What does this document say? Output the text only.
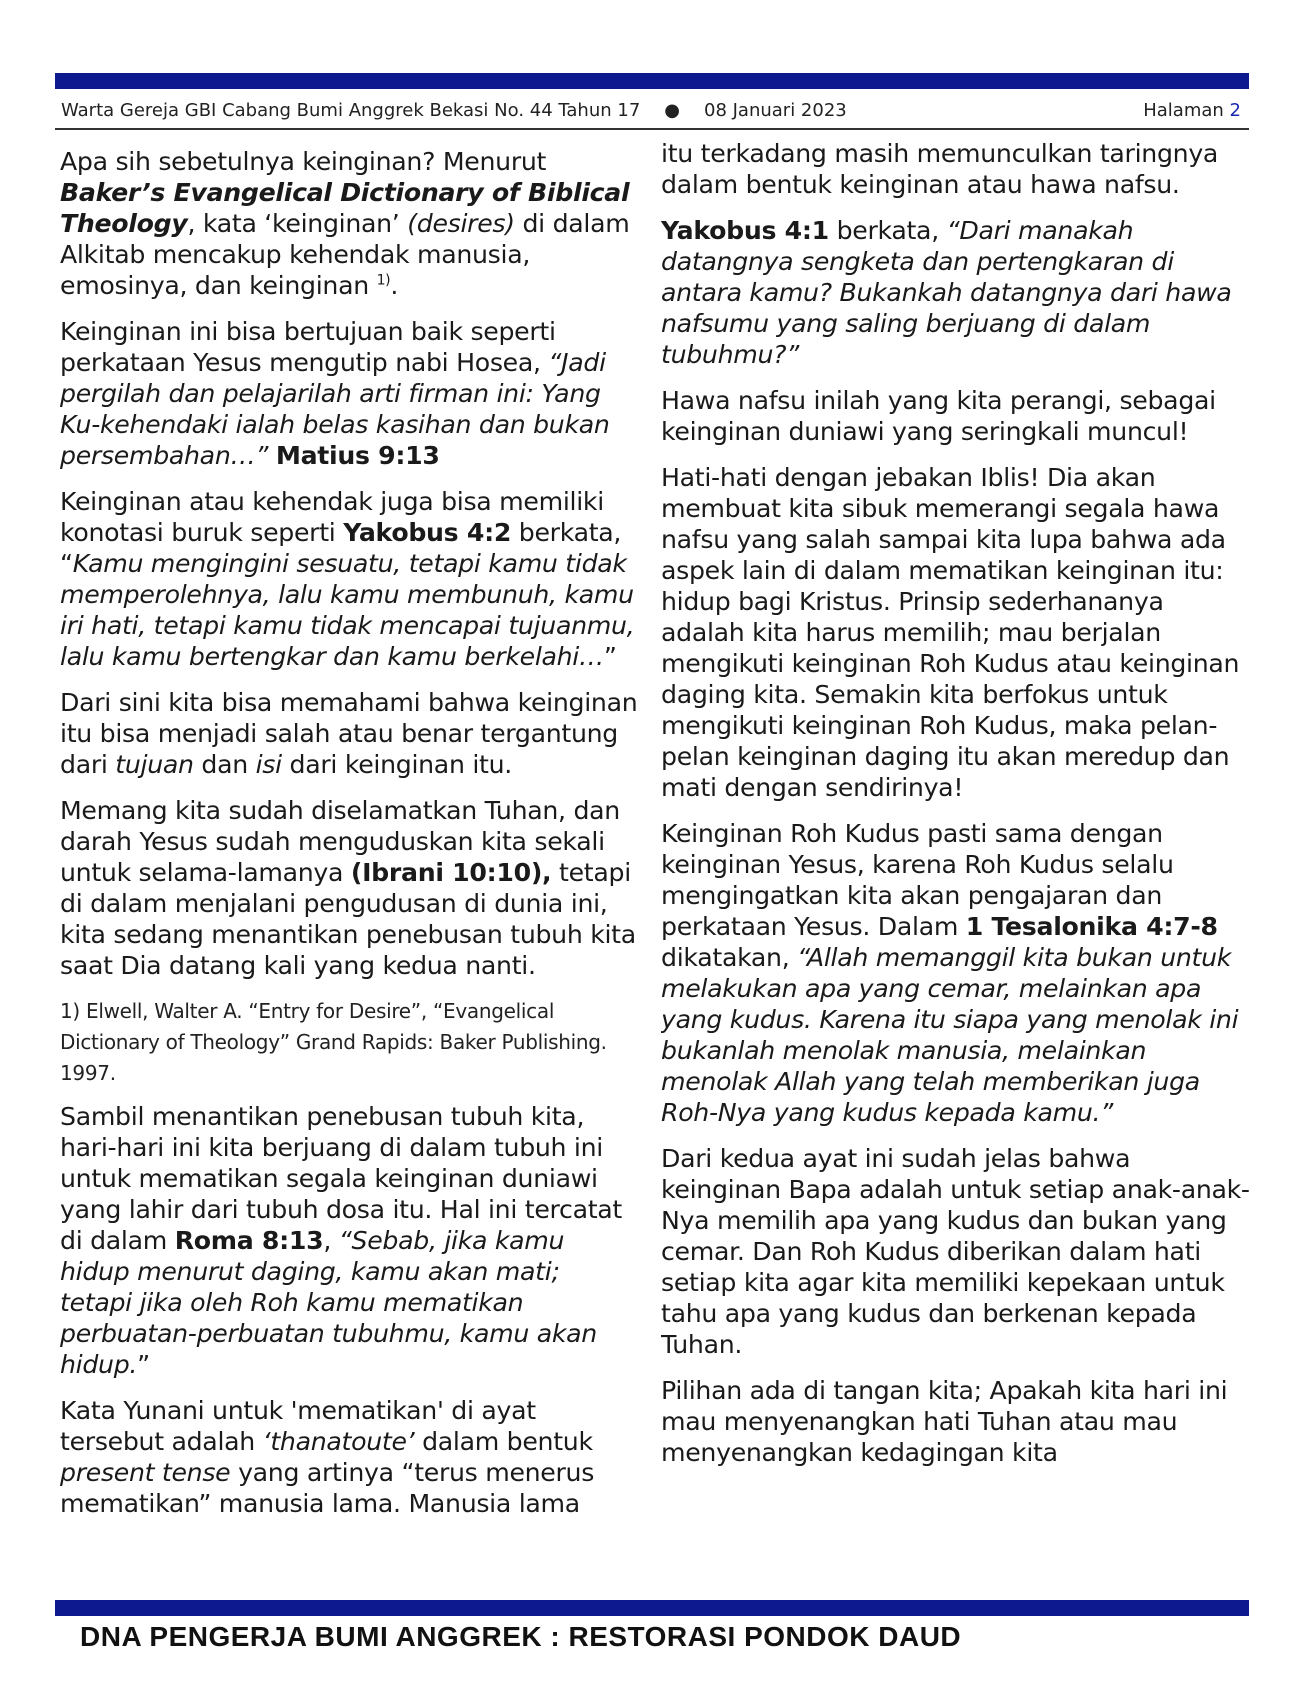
Warta Gereja GBI Cabang Bumi Anggrek Bekasi No. 44 Tahun 17 ● 08 Januari 2023	Halaman 2

Apa sih sebetulnya keinginan? Menurut Baker’s Evangelical Dictionary of Biblical Theology, kata ‘keinginan’ (desires) di dalam Alkitab mencakup kehendak manusia, emosinya, dan keinginan $^{1)}$.

Keinginan ini bisa bertujuan baik seperti perkataan Yesus mengutip nabi Hosea, “Jadi pergilah dan pelajarilah arti firman ini: Yang Ku-kehendaki ialah belas kasihan dan bukan persembahan…” Matius 9:13

Keinginan atau kehendak juga bisa memiliki konotasi buruk seperti Yakobus 4:2 berkata, “Kamu mengingini sesuatu, tetapi kamu tidak memperolehnya, lalu kamu membunuh, kamu iri hati, tetapi kamu tidak mencapai tujuanmu, lalu kamu bertengkar dan kamu berkelahi…”

Dari sini kita bisa memahami bahwa keinginan itu bisa menjadi salah atau benar tergantung dari tujuan dan isi dari keinginan itu.

Memang kita sudah diselamatkan Tuhan, dan darah Yesus sudah menguduskan kita sekali untuk selama-lamanya (Ibrani 10:10), tetapi di dalam menjalani pengudusan di dunia ini, kita sedang menantikan penebusan tubuh kita saat Dia datang kali yang kedua nanti.

1) Elwell, Walter A. “Entry for Desire”, “Evangelical Dictionary of Theology” Grand Rapids: Baker Publishing. 1997.

Sambil menantikan penebusan tubuh kita, hari-hari ini kita berjuang di dalam tubuh ini untuk mematikan segala keinginan duniawi yang lahir dari tubuh dosa itu. Hal ini tercatat di dalam Roma 8:13, “Sebab, jika kamu hidup menurut daging, kamu akan mati; tetapi jika oleh Roh kamu mematikan perbuatan-perbuatan tubuhmu, kamu akan hidup.”

Kata Yunani untuk 'mematikan' di ayat tersebut adalah ‘thanatoute’ dalam bentuk present tense yang artinya “terus menerus mematikan” manusia lama. Manusia lama

itu terkadang masih memunculkan taringnya dalam bentuk keinginan atau hawa nafsu.

Yakobus 4:1 berkata, “Dari manakah datangnya sengketa dan pertengkaran di antara kamu? Bukankah datangnya dari hawa nafsumu yang saling berjuang di dalam tubuhmu?”

Hawa nafsu inilah yang kita perangi, sebagai keinginan duniawi yang seringkali muncul!

Hati-hati dengan jebakan Iblis! Dia akan membuat kita sibuk memerangi segala hawa nafsu yang salah sampai kita lupa bahwa ada aspek lain di dalam mematikan keinginan itu: hidup bagi Kristus. Prinsip sederhananya adalah kita harus memilih; mau berjalan mengikuti keinginan Roh Kudus atau keinginan daging kita. Semakin kita berfokus untuk mengikuti keinginan Roh Kudus, maka pelan-pelan keinginan daging itu akan meredup dan mati dengan sendirinya!

Keinginan Roh Kudus pasti sama dengan keinginan Yesus, karena Roh Kudus selalu mengingatkan kita akan pengajaran dan perkataan Yesus. Dalam 1 Tesalonika 4:7-8 dikatakan, “Allah memanggil kita bukan untuk melakukan apa yang cemar, melainkan apa yang kudus. Karena itu siapa yang menolak ini bukanlah menolak manusia, melainkan menolak Allah yang telah memberikan juga Roh-Nya yang kudus kepada kamu.”

Dari kedua ayat ini sudah jelas bahwa keinginan Bapa adalah untuk setiap anak-anak-Nya memilih apa yang kudus dan bukan yang cemar. Dan Roh Kudus diberikan dalam hati setiap kita agar kita memiliki kepekaan untuk tahu apa yang kudus dan berkenan kepada Tuhan.

Pilihan ada di tangan kita; Apakah kita hari ini mau menyenangkan hati Tuhan atau mau menyenangkan kedagingan kita

DNA PENGERJA BUMI ANGGREK : RESTORASI PONDOK DAUD
